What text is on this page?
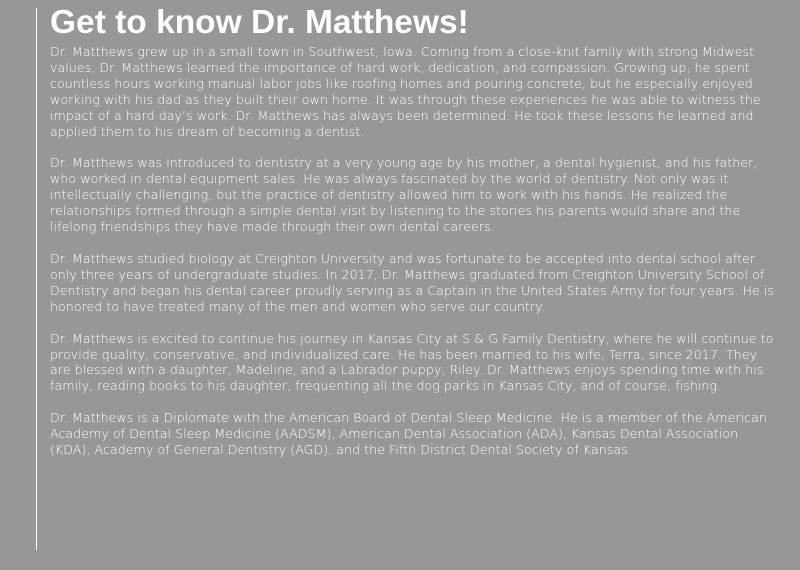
Get to know Dr. Matthews!

Dr. Matthews grew up in a small town in Southwest, Iowa. Coming from a close-knit family with strong Midwest values, Dr. Matthews learned the importance of hard work, dedication, and compassion. Growing up, he spent countless hours working manual labor jobs like roofing homes and pouring concrete, but he especially enjoyed working with his dad as they built their own home. It was through these experiences he was able to witness the impact of a hard day’s work. Dr. Matthews has always been determined. He took these lessons he learned and applied them to his dream of becoming a dentist.

Dr. Matthews was introduced to dentistry at a very young age by his mother, a dental hygienist, and his father, who worked in dental equipment sales. He was always fascinated by the world of dentistry. Not only was it intellectually challenging, but the practice of dentistry allowed him to work with his hands. He realized the relationships formed through a simple dental visit by listening to the stories his parents would share and the lifelong friendships they have made through their own dental careers.

Dr. Matthews studied biology at Creighton University and was fortunate to be accepted into dental school after only three years of undergraduate studies. In 2017, Dr. Matthews graduated from Creighton University School of Dentistry and began his dental career proudly serving as a Captain in the United States Army for four years. He is honored to have treated many of the men and women who serve our country.

Dr. Matthews is excited to continue his journey in Kansas City at S & G Family Dentistry, where he will continue to provide quality, conservative, and individualized care. He has been married to his wife, Terra, since 2017. They are blessed with a daughter, Madeline, and a Labrador puppy, Riley. Dr. Matthews enjoys spending time with his family, reading books to his daughter, frequenting all the dog parks in Kansas City, and of course, fishing.

Dr. Matthews is a Diplomate with the American Board of Dental Sleep Medicine. He is a member of the American Academy of Dental Sleep Medicine (AADSM), American Dental Association (ADA), Kansas Dental Association (KDA), Academy of General Dentistry (AGD), and the Fifth District Dental Society of Kansas.
